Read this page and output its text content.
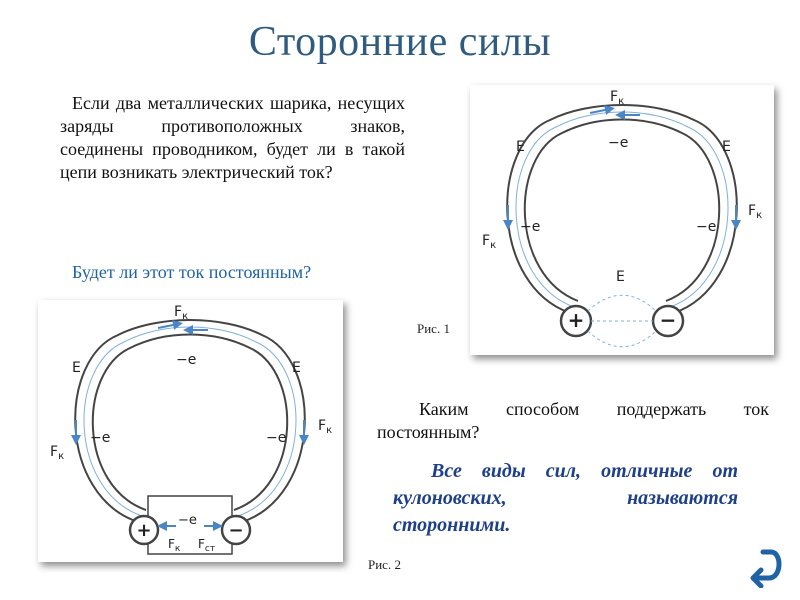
Сторонние силы
Если два металлических шарика, несущих заряды противоположных знаков, соединены проводником, будет ли в такой цепи возникать электрический ток?
Будет ли этот ток постоянным?
+	−
$F_к$
E	E
−e
−e	−e
$F_к$
$F_к$
E
Рис. 1
+	−
$F_к$
E	E
−e
−e	−e
$F_к$
$F_к$
−e
$F_к$ $F_{ст}$
Рис. 2
Каким способом поддержать ток постоянным?
Все виды сил, отличные от кулоновских, называются сторонними.
